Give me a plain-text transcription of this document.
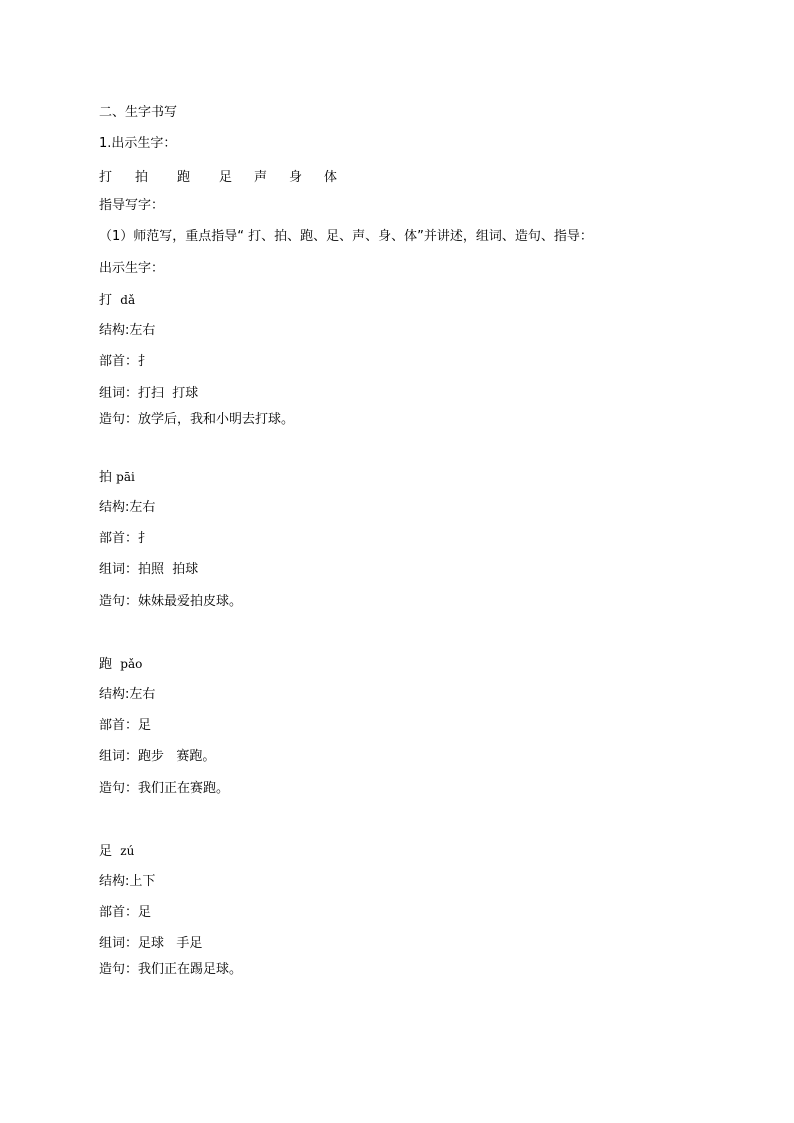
二、生字书写
1.出示生字：
打 拍 跑 足 声 身 体
指导写字：
（1）师范写，重点指导“ 打、拍、跑、足、声、身、体”并讲述，组词、造句、指导：
出示生字：
打 dǎ
结构:左右
部首：扌
组词：打扫  打球
造句：放学后，我和小明去打球。
拍 pāi
结构:左右
部首：扌
组词：拍照  拍球
造句：妹妹最爱拍皮球。
跑 pǎo
结构:左右
部首：足
组词：跑步   赛跑。
造句：我们正在赛跑。
足 zú
结构:上下
部首：足
组词：足球   手足
造句：我们正在踢足球。
